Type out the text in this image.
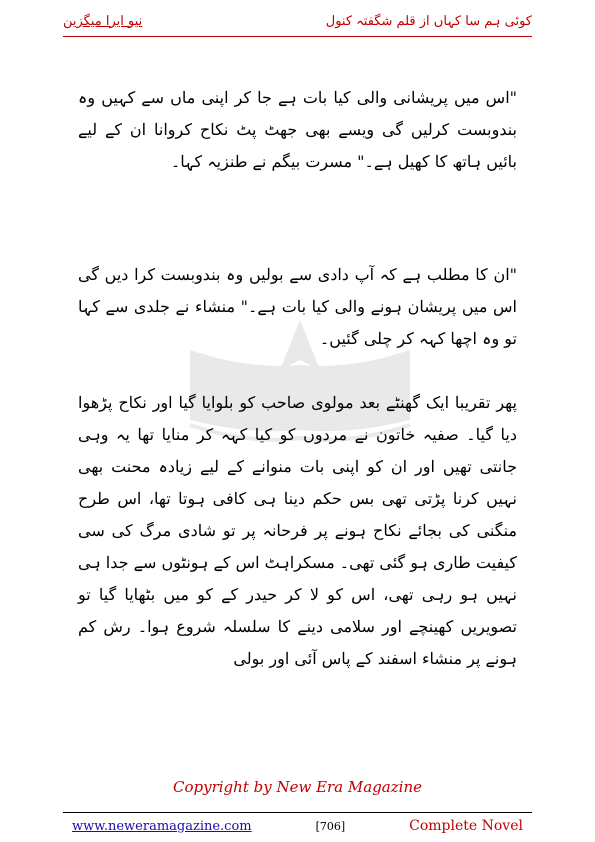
کوئی ہم سا کہاں از قلم شگفتہ کنول
نیو ایرا میگزین

"اس میں پریشانی والی کیا بات ہے جا کر اپنی ماں سے کہیں وہ بندوبست کرلیں گی ویسے بھی جھٹ پٹ نکاح کروانا ان کے لیے بائیں ہاتھ کا کھیل ہے۔" مسرت بیگم نے طنزیہ کہا۔

"ان کا مطلب ہے کہ آپ دادی سے بولیں وہ بندوبست کرا دیں گی اس میں پریشان ہونے والی کیا بات ہے۔" منشاء نے جلدی سے کہا تو وہ اچھا کہہ کر چلی گئیں۔

پھر تقریبا ایک گھنٹے بعد مولوی صاحب کو بلوایا گیا اور نکاح پڑھوا دیا گیا۔ صفیہ خاتون نے مردوں کو کیا کہہ کر منایا تھا یہ وہی جانتی تھیں اور ان کو اپنی بات منوانے کے لیے زیادہ محنت بھی نہیں کرنا پڑتی تھی بس حکم دینا ہی کافی ہوتا تھا، اس طرح منگنی کی بجائے نکاح ہونے پر فرحانہ پر تو شادی مرگ کی سی کیفیت طاری ہو گئی تھی۔ مسکراہٹ اس کے ہونٹوں سے جدا ہی نہیں ہو رہی تھی، اس کو لا کر حیدر کے کو میں بٹھایا گیا تو تصویریں کھینچے اور سلامی دینے کا سلسلہ شروع ہوا۔ رش کم ہونے پر منشاء اسفند کے پاس آئی اور بولی

Copyright by New Era Magazine
www.neweramagazine.com	[706]	Complete Novel
